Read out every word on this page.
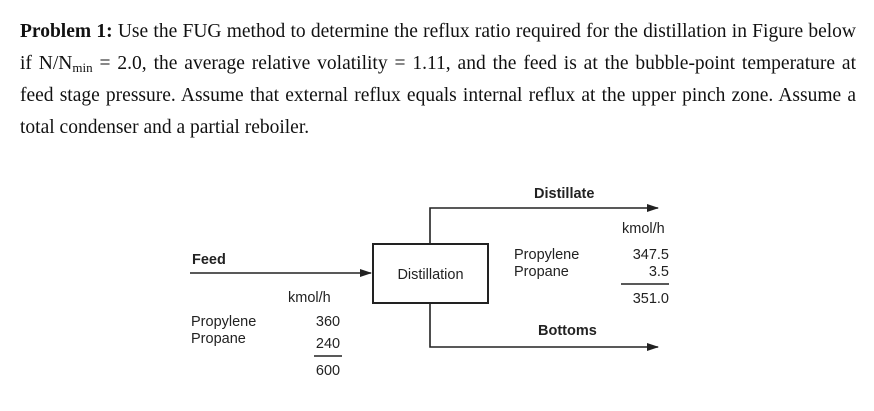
Problem 1: Use the FUG method to determine the reflux ratio required for the distillation in Figure below if $N/N_{min} = 2.0$, the average relative volatility = 1.11, and the feed is at the bubble-point temperature at feed stage pressure. Assume that external reflux equals internal reflux at the upper pinch zone. Assume a total condenser and a partial reboiler.
Distillation
Feed
kmol/h
Propylene
Propane
360
240
600
Distillate
kmol/h
Propylene
Propane
347.5
3.5
351.0
Bottoms
